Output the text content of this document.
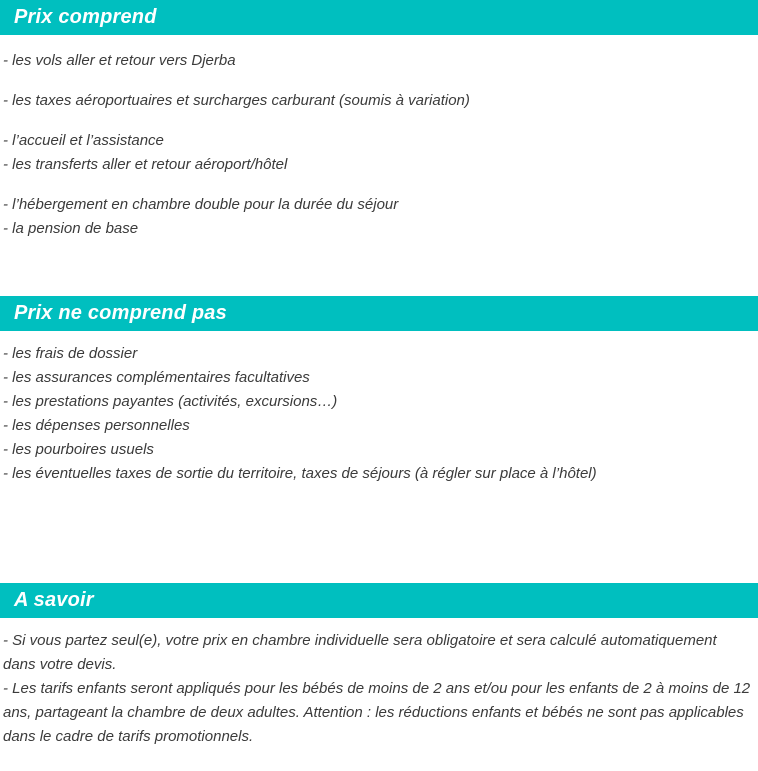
Prix comprend

- les vols aller et retour vers Djerba

- les taxes aéroportuaires et surcharges carburant (soumis à variation)

- l’accueil et l’assistance

- les transferts aller et retour aéroport/hôtel

- l’hébergement en chambre double pour la durée du séjour

- la pension de base

Prix ne comprend pas

- les frais de dossier

- les assurances complémentaires facultatives

- les prestations payantes (activités, excursions…)

- les dépenses personnelles

- les pourboires usuels

- les éventuelles taxes de sortie du territoire, taxes de séjours (à régler sur place à l’hôtel)

A savoir

- Si vous partez seul(e), votre prix en chambre individuelle sera obligatoire et sera calculé automatiquement dans votre devis.

- Les tarifs enfants seront appliqués pour les bébés de moins de 2 ans et/ou pour les enfants de 2 à moins de 12 ans, partageant la chambre de deux adultes. Attention : les réductions enfants et bébés ne sont pas applicables dans le cadre de tarifs promotionnels.
